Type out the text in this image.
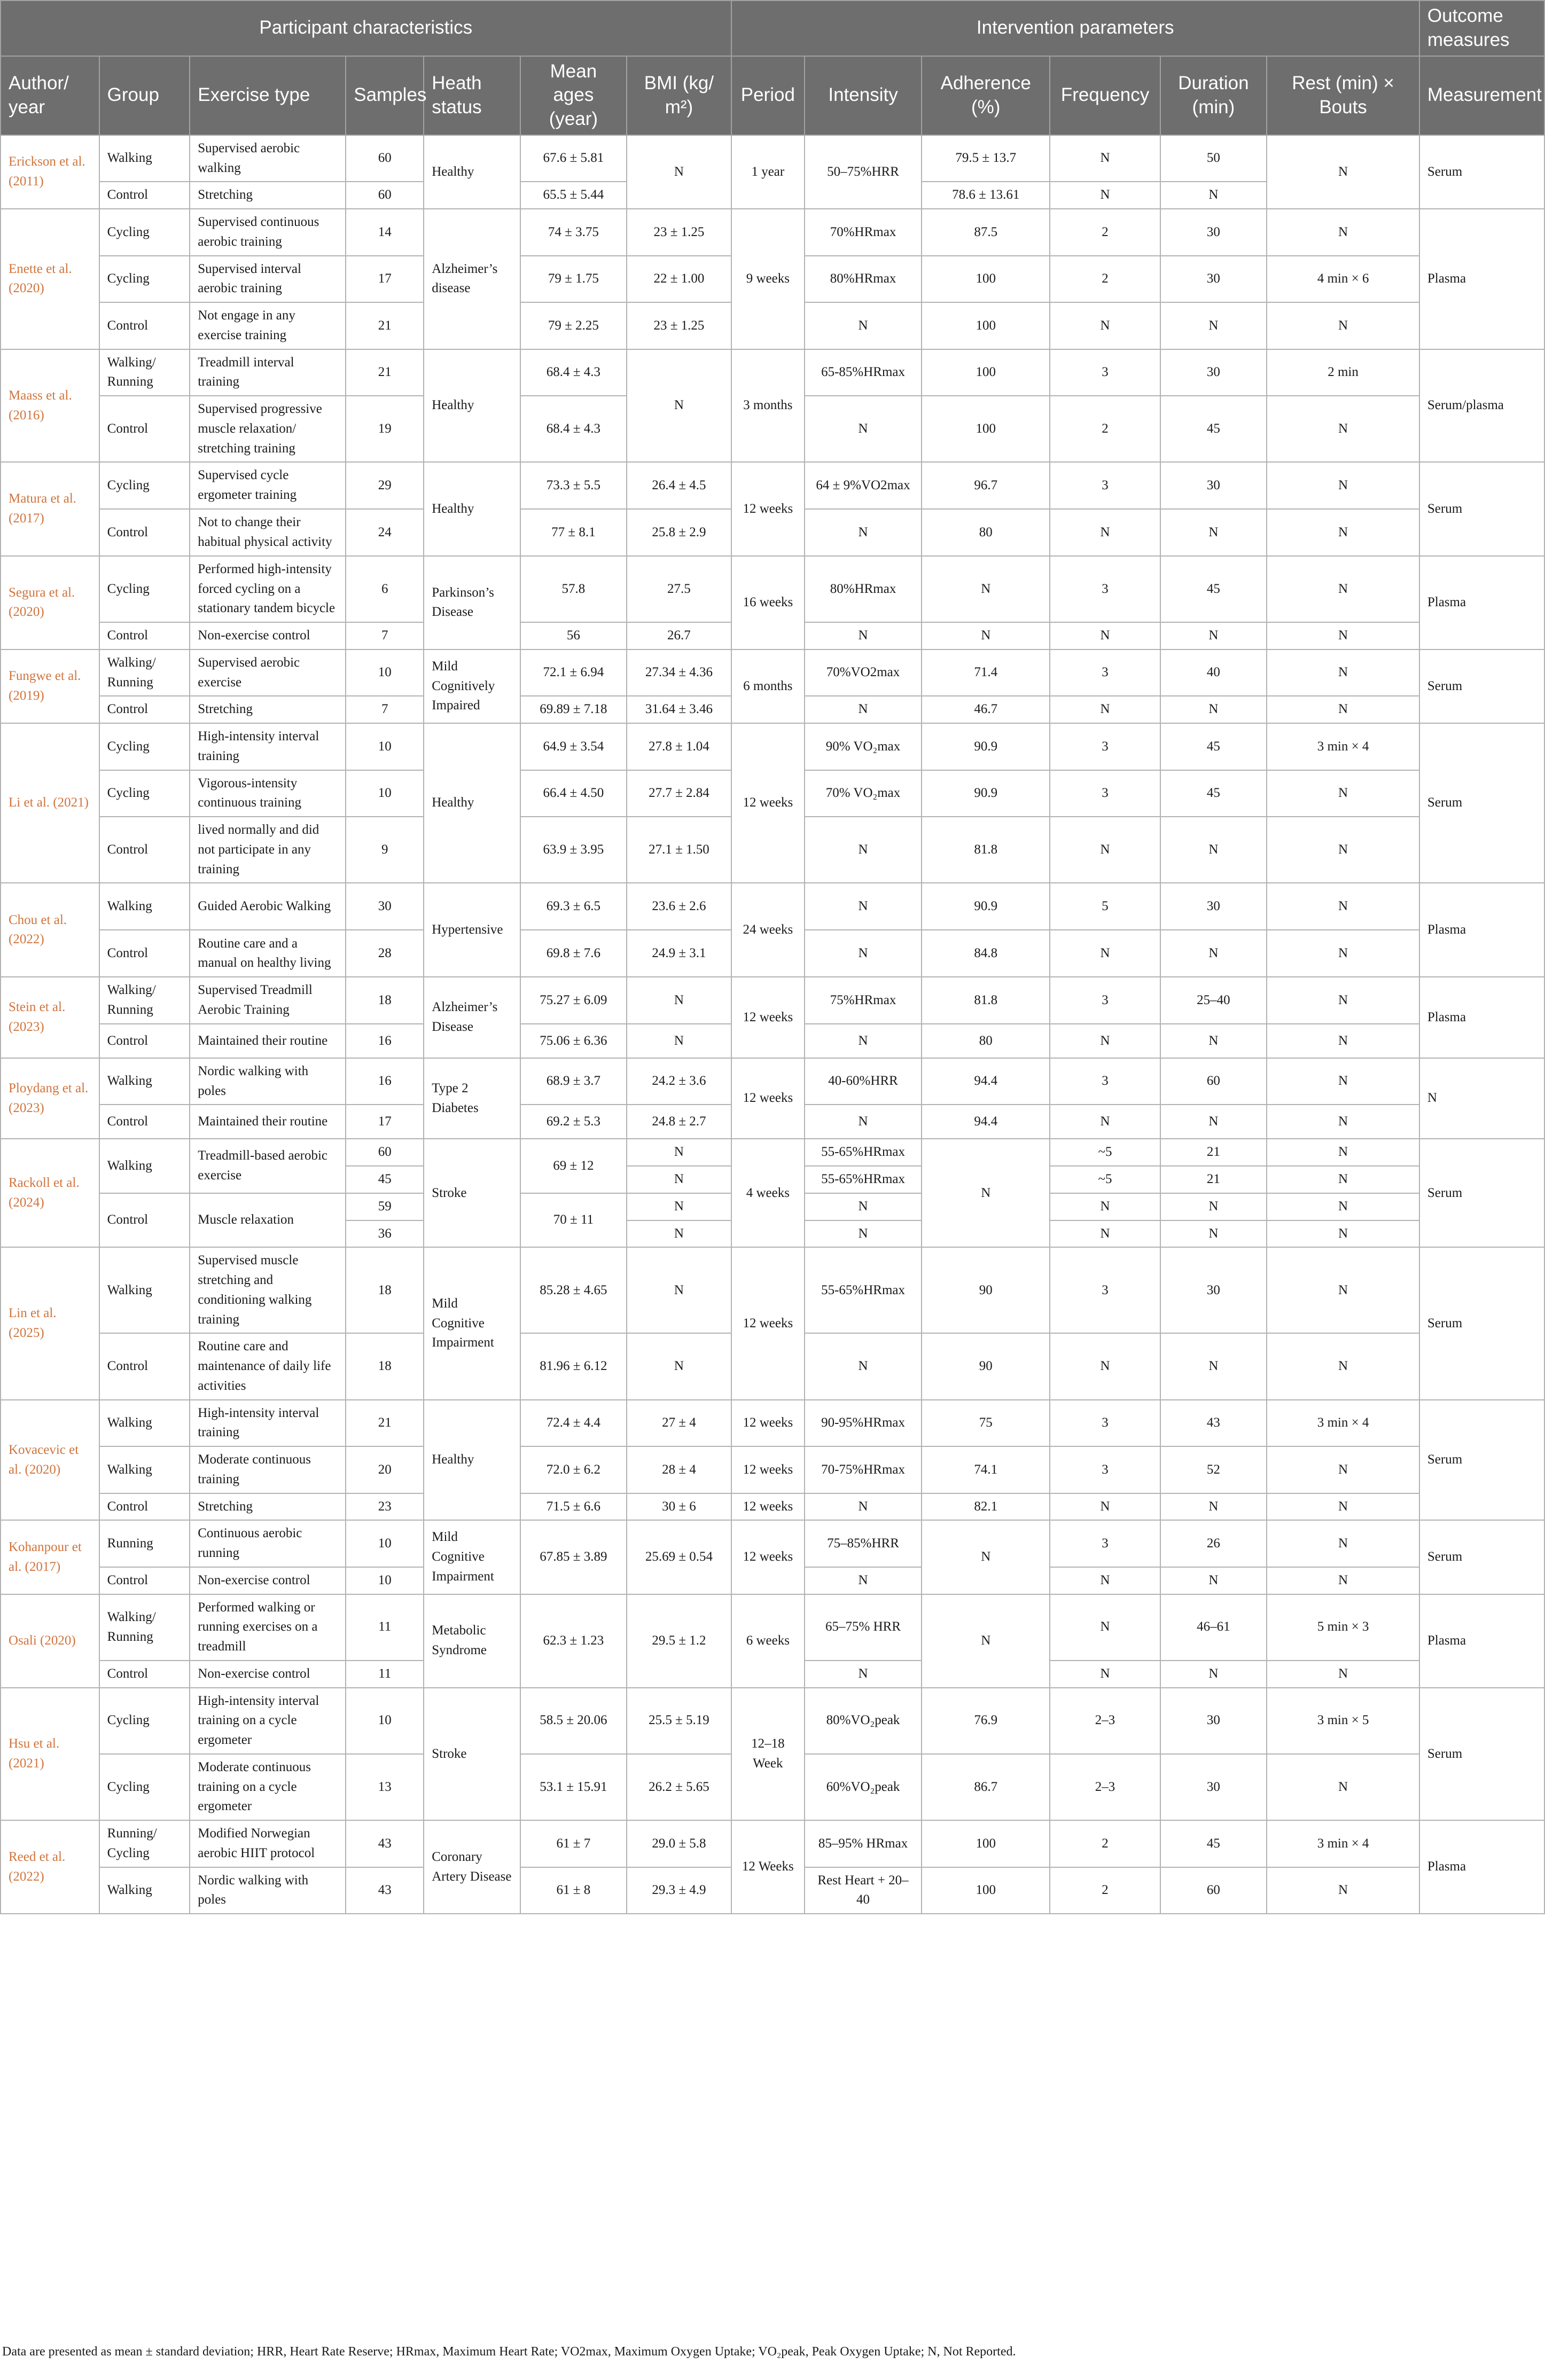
Participant characteristics							Intervention parameters						Outcome measures
Author/ year	Group	Exercise type	Samples	Heath status	Mean ages (year)	BMI (kg/ m²)	Period	Intensity	Adherence (%)	Frequency	Duration (min)	Rest (min) × Bouts	Measurement
Erickson et al. (2011)	Walking	Supervised aerobic walking	60	Healthy	67.6 ± 5.81	N	1 year	50–75%HRR	79.5 ± 13.7	N	50	N	Serum
	Control	Stretching	60		65.5 ± 5.44				78.6 ± 13.61	N	N		
Enette et al. (2020)	Cycling	Supervised continuous aerobic training	14	Alzheimer’s disease	74 ± 3.75	23 ± 1.25	9 weeks	70%HRmax	87.5	2	30	N	Plasma
	Cycling	Supervised interval aerobic training	17		79 ± 1.75	22 ± 1.00		80%HRmax	100	2	30	4 min × 6	
	Control	Not engage in any exercise training	21		79 ± 2.25	23 ± 1.25		N	100	N	N	N	
Maass et al. (2016)	Walking/ Running	Treadmill interval training	21	Healthy	68.4 ± 4.3	N	3 months	65-85%HRmax	100	3	30	2 min	Serum/plasma
	Control	Supervised progressive muscle relaxation/ stretching training	19		68.4 ± 4.3			N	100	2	45	N	
Matura et al. (2017)	Cycling	Supervised cycle ergometer training	29	Healthy	73.3 ± 5.5	26.4 ± 4.5	12 weeks	64 ± 9%VO2max	96.7	3	30	N	Serum
	Control	Not to change their habitual physical activity	24		77 ± 8.1	25.8 ± 2.9		N	80	N	N	N	
Segura et al. (2020)	Cycling	Performed high-intensity forced cycling on a stationary tandem bicycle	6	Parkinson’s Disease	57.8	27.5	16 weeks	80%HRmax	N	3	45	N	Plasma
	Control	Non-exercise control	7		56	26.7		N	N	N	N	N	
Fungwe et al. (2019)	Walking/ Running	Supervised aerobic exercise	10	Mild Cognitively Impaired	72.1 ± 6.94	27.34 ± 4.36	6 months	70%VO2max	71.4	3	40	N	Serum
	Control	Stretching	7		69.89 ± 7.18	31.64 ± 3.46		N	46.7	N	N	N	
Li et al. (2021)	Cycling	High-intensity interval training	10	Healthy	64.9 ± 3.54	27.8 ± 1.04	12 weeks	90% VO₂max	90.9	3	45	3 min × 4	Serum
	Cycling	Vigorous-intensity continuous training	10		66.4 ± 4.50	27.7 ± 2.84		70% VO₂max	90.9	3	45	N	
	Control	lived normally and did not participate in any training	9		63.9 ± 3.95	27.1 ± 1.50		N	81.8	N	N	N	
Chou et al. (2022)	Walking	Guided Aerobic Walking	30	Hypertensive	69.3 ± 6.5	23.6 ± 2.6	24 weeks	N	90.9	5	30	N	Plasma
	Control	Routine care and a manual on healthy living	28		69.8 ± 7.6	24.9 ± 3.1		N	84.8	N	N	N	
Stein et al. (2023)	Walking/ Running	Supervised Treadmill Aerobic Training	18	Alzheimer’s Disease	75.27 ± 6.09	N	12 weeks	75%HRmax	81.8	3	25–40	N	Plasma
	Control	Maintained their routine	16		75.06 ± 6.36	N		N	80	N	N	N	
Ploydang et al. (2023)	Walking	Nordic walking with poles	16	Type 2 Diabetes	68.9 ± 3.7	24.2 ± 3.6	12 weeks	40-60%HRR	94.4	3	60	N	N
	Control	Maintained their routine	17		69.2 ± 5.3	24.8 ± 2.7		N	94.4	N	N	N	
Rackoll et al. (2024)	Walking	Treadmill-based aerobic exercise	60	Stroke	69 ± 12	N	4 weeks	55-65%HRmax	N	~5	21	N	Serum
			45			N		55-65%HRmax		~5	21	N	
	Control	Muscle relaxation	59		70 ± 11	N		N		N	N	N	
			36			N		N		N	N	N	
Lin et al. (2025)	Walking	Supervised muscle stretching and conditioning walking training	18	Mild Cognitive Impairment	85.28 ± 4.65	N	12 weeks	55-65%HRmax	90	3	30	N	Serum
	Control	Routine care and maintenance of daily life activities	18		81.96 ± 6.12	N		N	90	N	N	N	
Kovacevic et al. (2020)	Walking	High-intensity interval training	21	Healthy	72.4 ± 4.4	27 ± 4	12 weeks	90-95%HRmax	75	3	43	3 min × 4	Serum
	Walking	Moderate continuous training	20		72.0 ± 6.2	28 ± 4	12 weeks	70-75%HRmax	74.1	3	52	N	
	Control	Stretching	23		71.5 ± 6.6	30 ± 6	12 weeks	N	82.1	N	N	N	
Kohanpour et al. (2017)	Running	Continuous aerobic running	10	Mild Cognitive Impairment	67.85 ± 3.89	25.69 ± 0.54	12 weeks	75–85%HRR	N	3	26	N	Serum
	Control	Non-exercise control	10					N		N	N	N	
Osali (2020)	Walking/ Running	Performed walking or running exercises on a treadmill	11	Metabolic Syndrome	62.3 ± 1.23	29.5 ± 1.2	6 weeks	65–75% HRR	N	N	46–61	5 min × 3	Plasma
	Control	Non-exercise control	11					N		N	N	N	
Hsu et al. (2021)	Cycling	High-intensity interval training on a cycle ergometer	10	Stroke	58.5 ± 20.06	25.5 ± 5.19	12–18 Week	80%VO₂peak	76.9	2–3	30	3 min × 5	Serum
	Cycling	Moderate continuous training on a cycle ergometer	13		53.1 ± 15.91	26.2 ± 5.65		60%VO₂peak	86.7	2–3	30	N	
Reed et al. (2022)	Running/ Cycling	Modified Norwegian aerobic HIIT protocol	43	Coronary Artery Disease	61 ± 7	29.0 ± 5.8	12 Weeks	85–95% HRmax	100	2	45	3 min × 4	Plasma
	Walking	Nordic walking with poles	43		61 ± 8	29.3 ± 4.9		Rest Heart + 20–40	100	2	60	N	
Data are presented as mean ± standard deviation; HRR, Heart Rate Reserve; HRmax, Maximum Heart Rate; VO2max, Maximum Oxygen Uptake; VO₂peak, Peak Oxygen Uptake; N, Not Reported.
